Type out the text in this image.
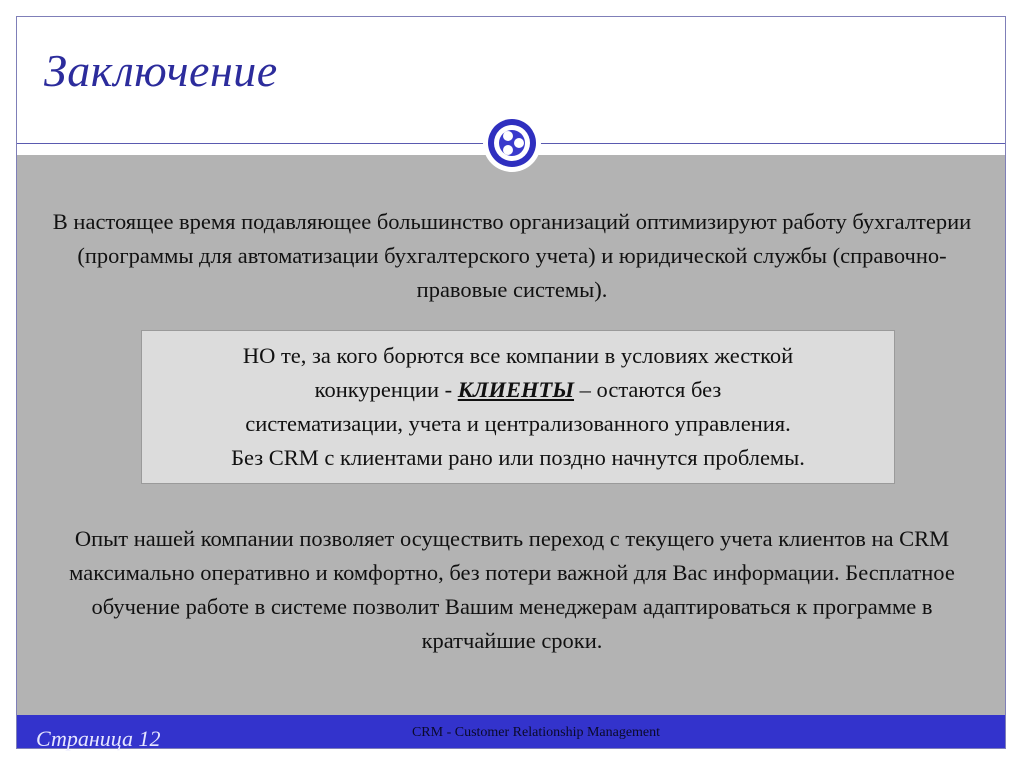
Заключение

В настоящее время подавляющее большинство организаций оптимизируют работу бухгалтерии (программы для автоматизации бухгалтерского учета) и юридической службы (справочно-правовые системы).

НО те, за кого борются все компании в условиях жесткой
конкуренции - КЛИЕНТЫ – остаются без
систематизации, учета и централизованного управления.
Без CRM с клиентами рано или поздно начнутся проблемы.

Опыт нашей компании позволяет осуществить переход с текущего учета клиентов на CRM максимально оперативно и комфортно, без потери важной для Вас информации. Бесплатное обучение работе в системе позволит Вашим менеджерам адаптироваться к программе в кратчайшие сроки.

Страница 12	CRM - Customer Relationship Management
